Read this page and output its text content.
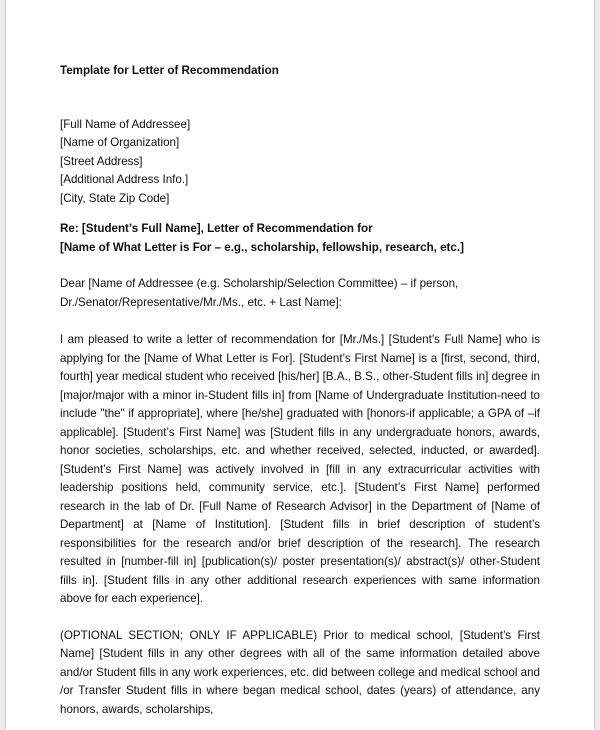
Template for Letter of Recommendation
[Full Name of Addressee]
[Name of Organization]
[Street Address]
[Additional Address Info.]
[City, State Zip Code]
Re: [Student’s Full Name], Letter of Recommendation for
[Name of What Letter is For – e.g., scholarship, fellowship, research, etc.]
Dear [Name of Addressee (e.g. Scholarship/Selection Committee) – if person,
Dr./Senator/Representative/Mr./Ms., etc. + Last Name]:

I am pleased to write a letter of recommendation for [Mr./Ms.] [Student’s Full Name] who is applying for the [Name of What Letter is For]. [Student’s First Name] is a [first, second, third, fourth] year medical student who received [his/her] [B.A., B.S., other-Student fills in] degree in [major/major with a minor in-Student fills in] from [Name of Undergraduate Institution-need to include "the" if appropriate], where [he/she] graduated with [honors-if applicable; a GPA of –if applicable]. [Student’s First Name] was [Student fills in any undergraduate honors, awards, honor societies, scholarships, etc. and whether received, selected, inducted, or awarded]. [Student’s First Name] was actively involved in [fill in any extracurricular activities with leadership positions held, community service, etc.]. [Student’s First Name] performed research in the lab of Dr. [Full Name of Research Advisor] in the Department of [Name of Department] at [Name of Institution]. [Student fills in brief description of student’s responsibilities for the research and/or brief description of the research]. The research resulted in [number-fill in] [publication(s)/ poster presentation(s)/ abstract(s)/ other-Student fills in]. [Student fills in any other additional research experiences with same information above for each experience].

(OPTIONAL SECTION; ONLY IF APPLICABLE) Prior to medical school, [Student’s First Name] [Student fills in any other degrees with all of the same information detailed above and/or Student fills in any work experiences, etc. did between college and medical school and /or Transfer Student fills in where began medical school, dates (years) of attendance, any honors, awards, scholarships,
